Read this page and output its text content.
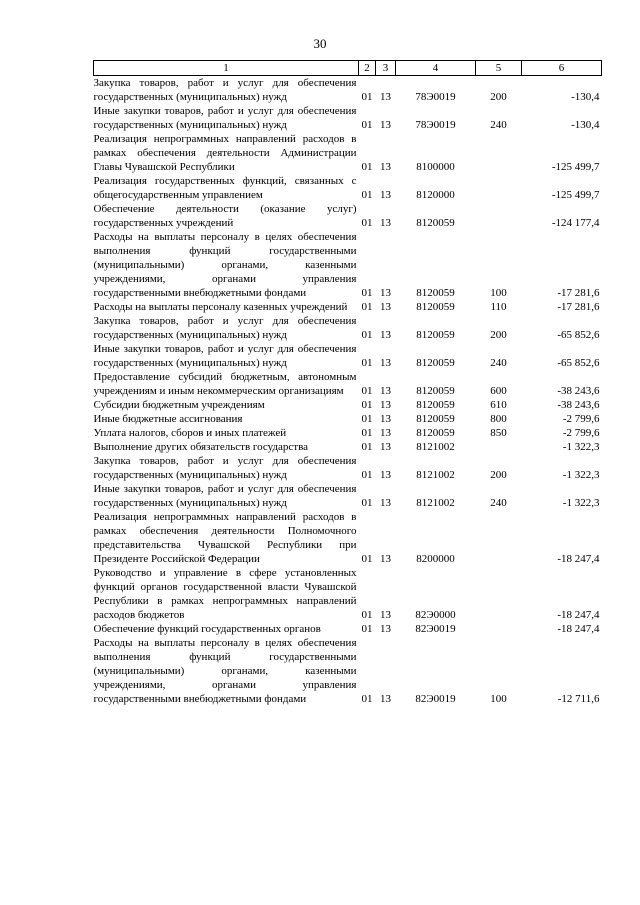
30
1	2	3	4	5	6
Закупка товаров, работ и услуг для обеспечения государственных (муниципальных) нужд	01	13	78Э0019	200	-130,4
Иные закупки товаров, работ и услуг для обеспечения государственных (муниципальных) нужд	01	13	78Э0019	240	-130,4
Реализация непрограммных направлений расходов в рамках обеспечения деятельности Администрации Главы Чувашской Республики	01	13	8100000		-125 499,7
Реализация государственных функций, связанных с общегосударственным управлением	01	13	8120000		-125 499,7
Обеспечение деятельности (оказание услуг) государственных учреждений	01	13	8120059		-124 177,4
Расходы на выплаты персоналу в целях обеспечения выполнения функций государственными (муниципальными) органами, казенными учреждениями, органами управления государственными внебюджетными фондами	01	13	8120059	100	-17 281,6
Расходы на выплаты персоналу казенных учреждений	01	13	8120059	110	-17 281,6
Закупка товаров, работ и услуг для обеспечения государственных (муниципальных) нужд	01	13	8120059	200	-65 852,6
Иные закупки товаров, работ и услуг для обеспечения государственных (муниципальных) нужд	01	13	8120059	240	-65 852,6
Предоставление субсидий бюджетным, автономным учреждениям и иным некоммерческим организациям	01	13	8120059	600	-38 243,6
Субсидии бюджетным учреждениям	01	13	8120059	610	-38 243,6
Иные бюджетные ассигнования	01	13	8120059	800	-2 799,6
Уплата налогов, сборов и иных платежей	01	13	8120059	850	-2 799,6
Выполнение других обязательств государства	01	13	8121002		-1 322,3
Закупка товаров, работ и услуг для обеспечения государственных (муниципальных) нужд	01	13	8121002	200	-1 322,3
Иные закупки товаров, работ и услуг для обеспечения государственных (муниципальных) нужд	01	13	8121002	240	-1 322,3
Реализация непрограммных направлений расходов в рамках обеспечения деятельности Полномочного представительства Чувашской Республики при Президенте Российской Федерации	01	13	8200000		-18 247,4
Руководство и управление в сфере установленных функций органов государственной власти Чувашской Республики в рамках непрограммных направлений расходов бюджетов	01	13	82Э0000		-18 247,4
Обеспечение функций государственных органов	01	13	82Э0019		-18 247,4
Расходы на выплаты персоналу в целях обеспечения выполнения функций государственными (муниципальными) органами, казенными учреждениями, органами управления государственными внебюджетными фондами	01	13	82Э0019	100	-12 711,6
